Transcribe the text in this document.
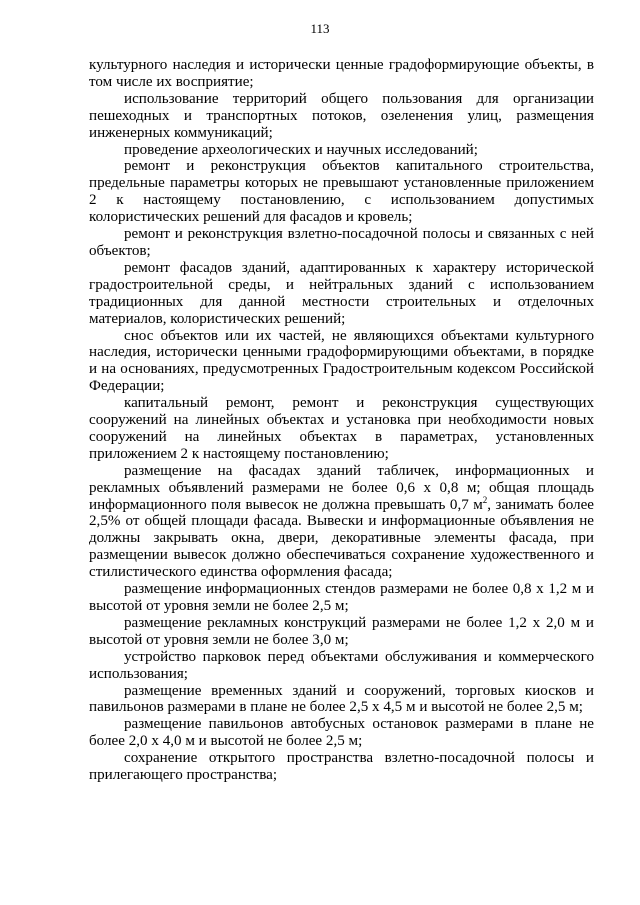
113

культурного наследия и исторически ценные градоформирующие объекты, в том числе их восприятие;

использование территорий общего пользования для организации пешеходных и транспортных потоков, озеленения улиц, размещения инженерных коммуникаций;

проведение археологических и научных исследований;

ремонт и реконструкция объектов капитального строительства, предельные параметры которых не превышают установленные приложением 2 к настоящему постановлению, с использованием допустимых колористических решений для фасадов и кровель;

ремонт и реконструкция взлетно-посадочной полосы и связанных с ней объектов;

ремонт фасадов зданий, адаптированных к характеру исторической градостроительной среды, и нейтральных зданий с использованием традиционных для данной местности строительных и отделочных материалов, колористических решений;

снос объектов или их частей, не являющихся объектами культурного наследия, исторически ценными градоформирующими объектами, в порядке и на основаниях, предусмотренных Градостроительным кодексом Российской Федерации;

капитальный ремонт, ремонт и реконструкция существующих сооружений на линейных объектах и установка при необходимости новых сооружений на линейных объектах в параметрах, установленных приложением 2 к настоящему постановлению;

размещение на фасадах зданий табличек, информационных и рекламных объявлений размерами не более 0,6 х 0,8 м; общая площадь информационного поля вывесок не должна превышать 0,7 $м^2$, занимать более 2,5% от общей площади фасада. Вывески и информационные объявления не должны закрывать окна, двери, декоративные элементы фасада, при размещении вывесок должно обеспечиваться сохранение художественного и стилистического единства оформления фасада;

размещение информационных стендов размерами не более 0,8 х 1,2 м и высотой от уровня земли не более 2,5 м;

размещение рекламных конструкций размерами не более 1,2 х 2,0 м и высотой от уровня земли не более 3,0 м;

устройство парковок перед объектами обслуживания и коммерческого использования;

размещение временных зданий и сооружений, торговых киосков и павильонов размерами в плане не более 2,5 х 4,5 м и высотой не более 2,5 м;

размещение павильонов автобусных остановок размерами в плане не более 2,0 х 4,0 м и высотой не более 2,5 м;

сохранение открытого пространства взлетно-посадочной полосы и прилегающего пространства;
